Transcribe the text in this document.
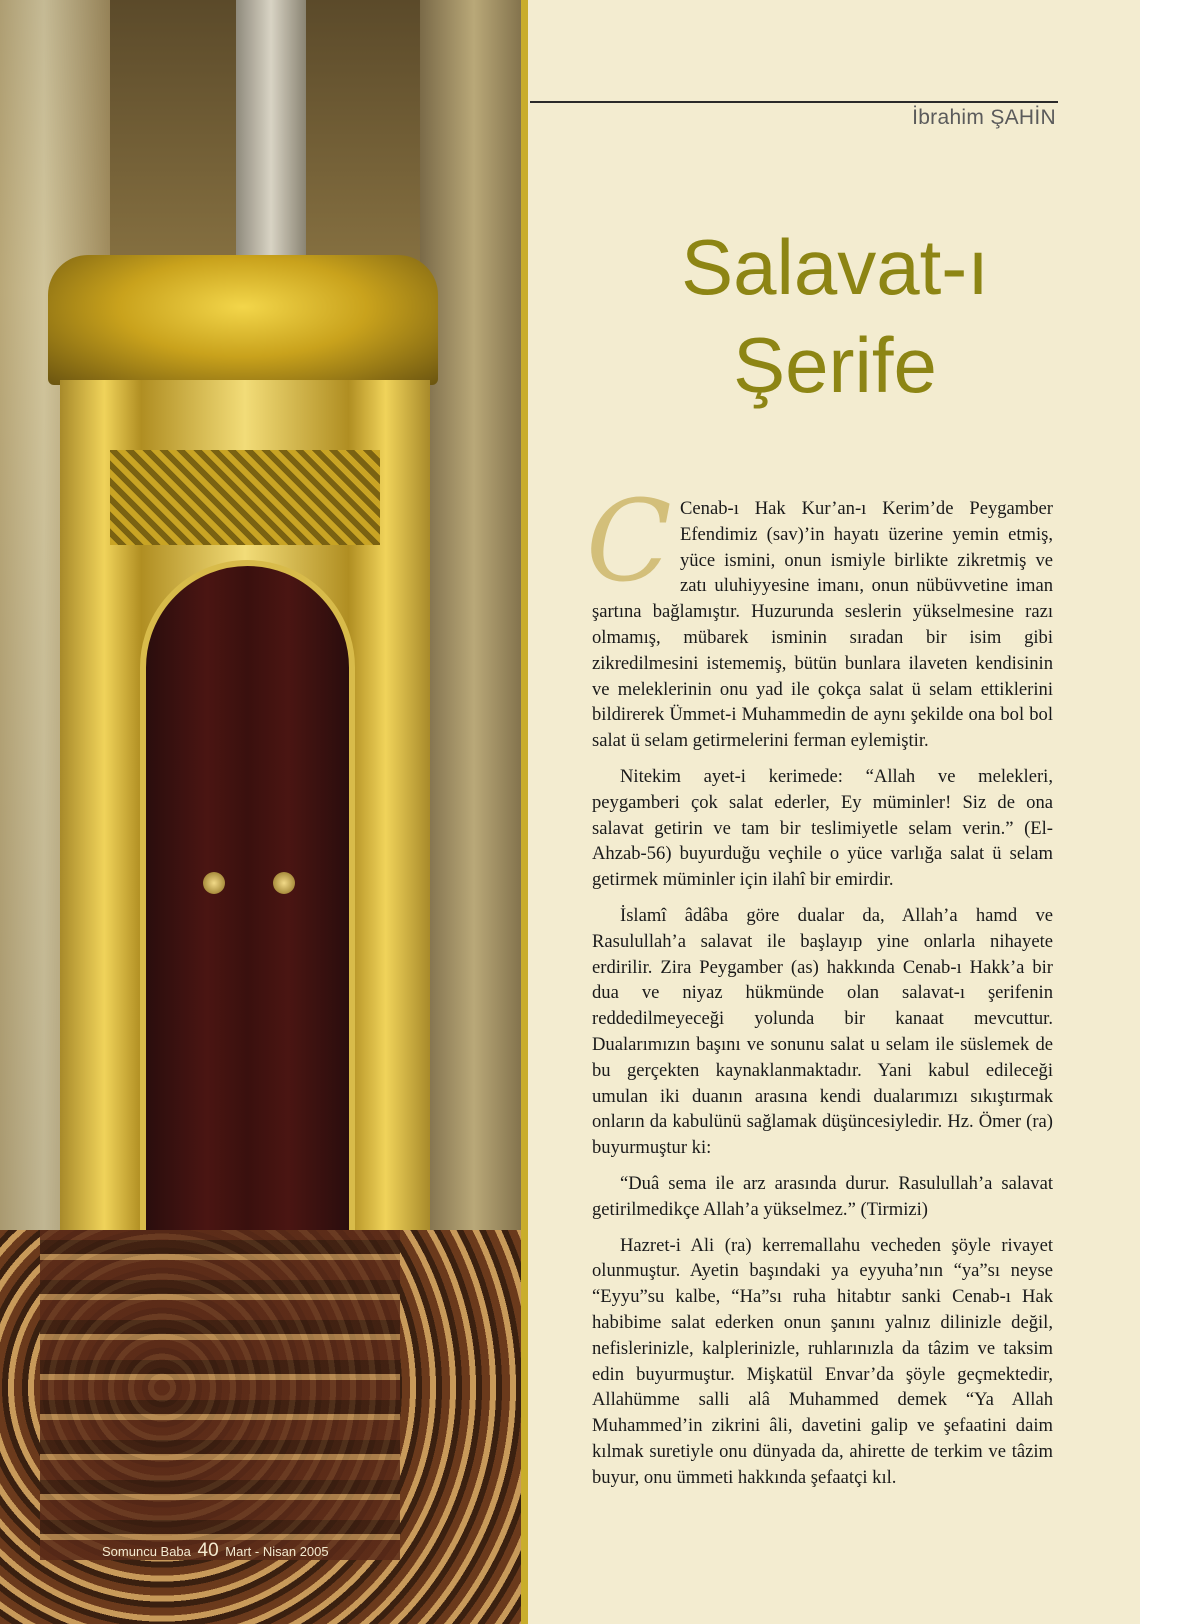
Somuncu Baba 40 Mart - Nisan 2005
İbrahim ŞAHİN
Salavat-ı
Şerife

C Cenab-ı Hak Kur’an-ı Kerim’de Peygamber Efendimiz (sav)’in hayatı üzerine yemin etmiş, yüce ismini, onun ismiyle birlikte zikretmiş ve zatı uluhiyyesine imanı, onun nübüvvetine iman şartına bağlamıştır. Huzurunda seslerin yükselmesine razı olmamış, mübarek isminin sıradan bir isim gibi zikredilmesini istememiş, bütün bunlara ilaveten kendisinin ve meleklerinin onu yad ile çokça salat ü selam ettiklerini bildirerek Ümmet-i Muhammedin de aynı şekilde ona bol bol salat ü selam getirmelerini ferman eylemiştir.

Nitekim ayet-i kerimede: “Allah ve melekleri, peygamberi çok salat ederler, Ey müminler! Siz de ona salavat getirin ve tam bir teslimiyetle selam verin.” (El-Ahzab-56) buyurduğu veçhile o yüce varlığa salat ü selam getirmek müminler için ilahî bir emirdir.

İslamî âdâba göre dualar da, Allah’a hamd ve Rasulullah’a salavat ile başlayıp yine onlarla nihayete erdirilir. Zira Peygamber (as) hakkında Cenab-ı Hakk’a bir dua ve niyaz hükmünde olan salavat-ı şerifenin reddedilmeyeceği yolunda bir kanaat mevcuttur. Dualarımızın başını ve sonunu salat u selam ile süslemek de bu gerçekten kaynaklanmaktadır. Yani kabul edileceği umulan iki duanın arasına kendi dualarımızı sıkıştırmak onların da kabulünü sağlamak düşüncesiyledir. Hz. Ömer (ra) buyurmuştur ki:

“Duâ sema ile arz arasında durur. Rasulullah’a salavat getirilmedikçe Allah’a yükselmez.” (Tirmizi)

Hazret-i Ali (ra) kerremallahu vecheden şöyle rivayet olunmuştur. Ayetin başındaki ya eyyuha’nın “ya”sı neyse “Eyyu”su kalbe, “Ha”sı ruha hitabtır sanki Cenab-ı Hak habibime salat ederken onun şanını yalnız dilinizle değil, nefislerinizle, kalplerinizle, ruhlarınızla da tâzim ve taksim edin buyurmuştur. Mişkatül Envar’da şöyle geçmektedir, Allahümme salli alâ Muhammed demek “Ya Allah Muhammed’in zikrini âli, davetini galip ve şefaatini daim kılmak suretiyle onu dünyada da, ahirette de terkim ve tâzim buyur, onu ümmeti hakkında şefaatçi kıl.
